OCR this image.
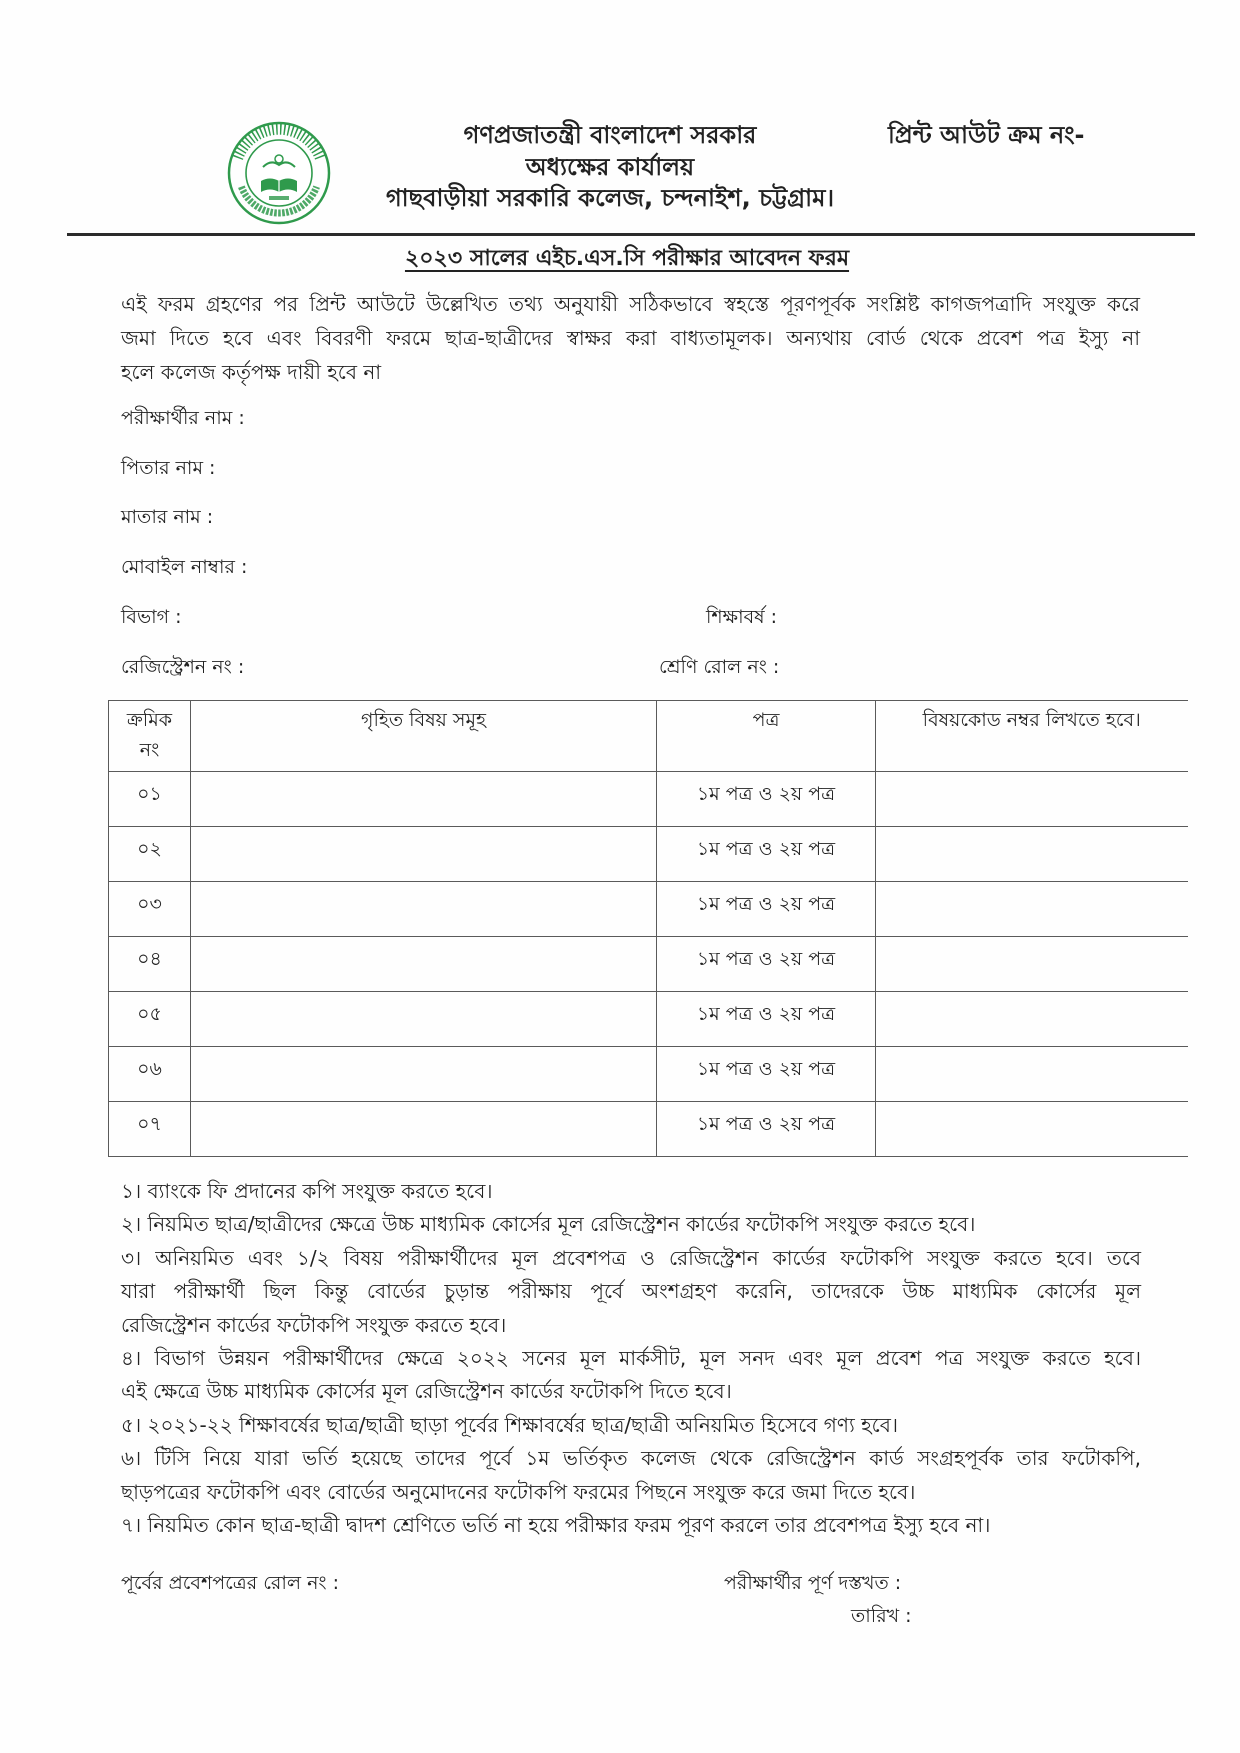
গণপ্রজাতন্ত্রী বাংলাদেশ সরকার
অধ্যক্ষের কার্যালয়
গাছবাড়ীয়া সরকারি কলেজ, চন্দনাইশ, চট্টগ্রাম।
প্রিন্ট আউট ক্রম নং-
২০২৩ সালের এইচ.এস.সি পরীক্ষার আবেদন ফরম
এই ফরম গ্রহণের পর প্রিন্ট আউটে উল্লেখিত তথ্য অনুযায়ী সঠিকভাবে স্বহস্তে পূরণপূর্বক সংশ্লিষ্ট কাগজপত্রাদি সংযুক্ত করে
জমা দিতে হবে এবং বিবরণী ফরমে ছাত্র-ছাত্রীদের স্বাক্ষর করা বাধ্যতামূলক। অন্যথায় বোর্ড থেকে প্রবেশ পত্র ইস্যু না
হলে কলেজ কর্তৃপক্ষ দায়ী হবে না
পরীক্ষার্থীর নাম :
পিতার নাম :
মাতার নাম :
মোবাইল নাম্বার :
বিভাগ :	শিক্ষাবর্ষ :
রেজিস্ট্রেশন নং :	শ্রেণি রোল নং :
ক্রমিক
নং	গৃহিত বিষয় সমূহ	পত্র	বিষয়কোড নম্বর লিখতে হবে।

০১		১ম পত্র ও ২য় পত্র	

০২		১ম পত্র ও ২য় পত্র	

০৩		১ম পত্র ও ২য় পত্র	

০৪		১ম পত্র ও ২য় পত্র	

০৫		১ম পত্র ও ২য় পত্র	

০৬		১ম পত্র ও ২য় পত্র	

০৭		১ম পত্র ও ২য় পত্র	

১। ব্যাংকে ফি প্রদানের কপি সংযুক্ত করতে হবে।
২। নিয়মিত ছাত্র/ছাত্রীদের ক্ষেত্রে উচ্চ মাধ্যমিক কোর্সের মূল রেজিস্ট্রেশন কার্ডের ফটোকপি সংযুক্ত করতে হবে।
৩। অনিয়মিত এবং ১/২ বিষয় পরীক্ষার্থীদের মূল প্রবেশপত্র ও রেজিস্ট্রেশন কার্ডের ফটোকপি সংযুক্ত করতে হবে। তবে
যারা পরীক্ষার্থী ছিল কিন্তু বোর্ডের চুড়ান্ত পরীক্ষায় পূর্বে অংশগ্রহণ করেনি, তাদেরকে উচ্চ মাধ্যমিক কোর্সের মূল
রেজিস্ট্রেশন কার্ডের ফটোকপি সংযুক্ত করতে হবে।
৪। বিভাগ উন্নয়ন পরীক্ষার্থীদের ক্ষেত্রে ২০২২ সনের মূল মার্কসীট, মূল সনদ এবং মূল প্রবেশ পত্র সংযুক্ত করতে হবে।
এই ক্ষেত্রে উচ্চ মাধ্যমিক কোর্সের মূল রেজিস্ট্রেশন কার্ডের ফটোকপি দিতে হবে।
৫। ২০২১-২২ শিক্ষাবর্ষের ছাত্র/ছাত্রী ছাড়া পূর্বের শিক্ষাবর্ষের ছাত্র/ছাত্রী অনিয়মিত হিসেবে গণ্য হবে।
৬। টিসি নিয়ে যারা ভর্তি হয়েছে তাদের পূর্বে ১ম ভর্তিকৃত কলেজ থেকে রেজিস্ট্রেশন কার্ড সংগ্রহপূর্বক তার ফটোকপি,
ছাড়পত্রের ফটোকপি এবং বোর্ডের অনুমোদনের ফটোকপি ফরমের পিছনে সংযুক্ত করে জমা দিতে হবে।
৭। নিয়মিত কোন ছাত্র-ছাত্রী দ্বাদশ শ্রেণিতে ভর্তি না হয়ে পরীক্ষার ফরম পূরণ করলে তার প্রবেশপত্র ইস্যু হবে না।
পূর্বের প্রবেশপত্রের রোল নং :	পরীক্ষার্থীর পূর্ণ দস্তখত :
তারিখ :
